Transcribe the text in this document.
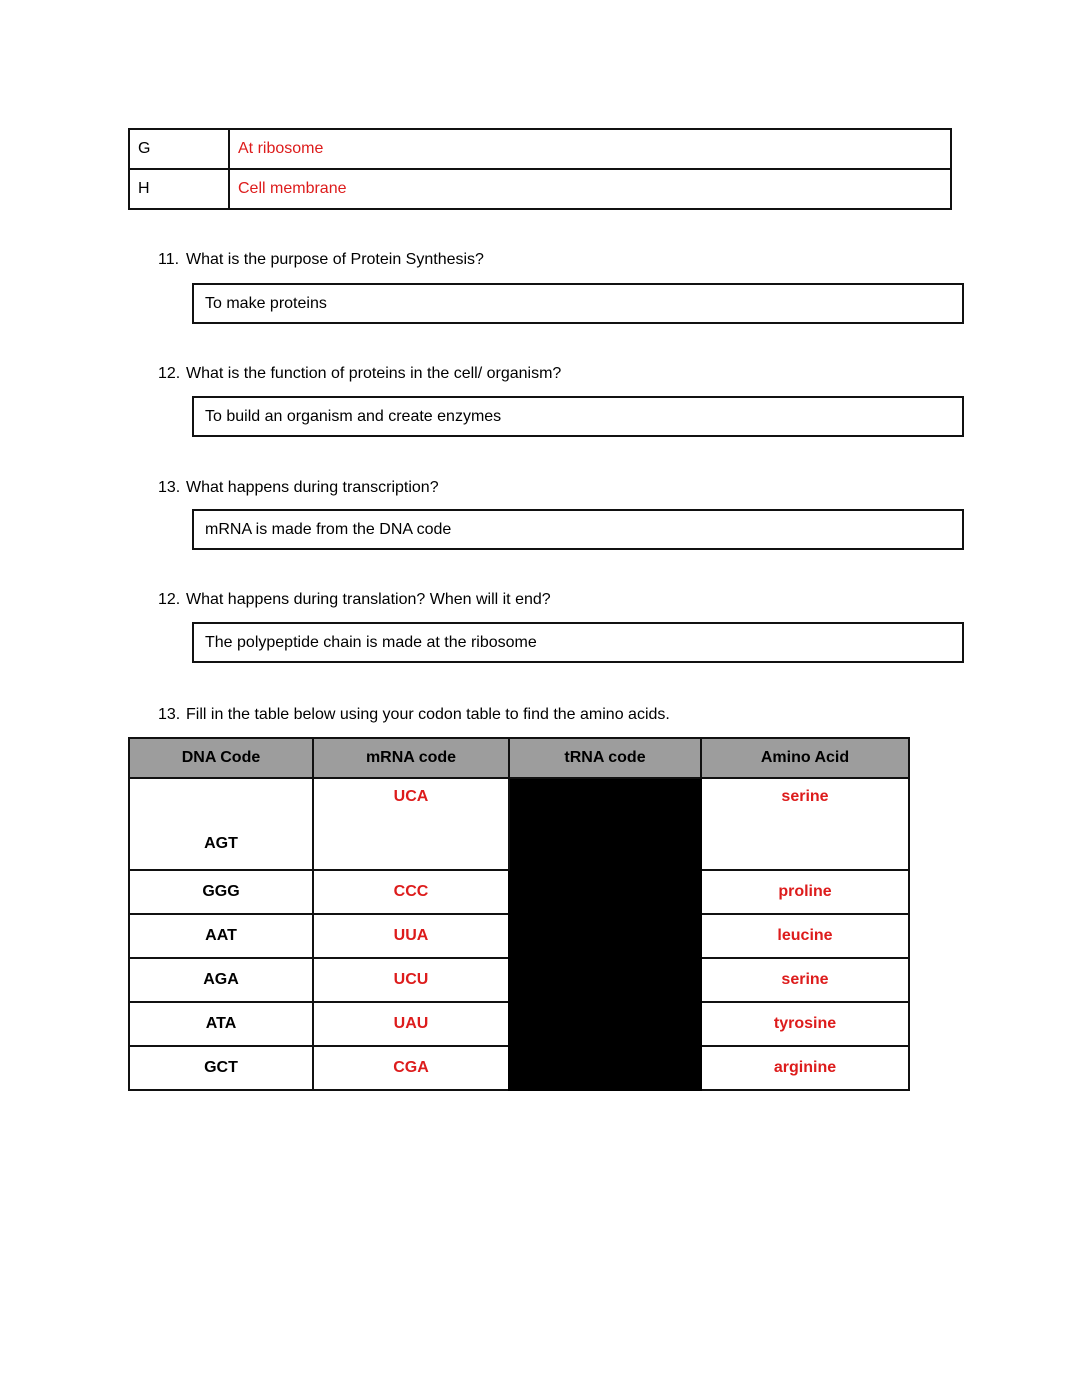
G	At ribosome
H	Cell membrane
11. What is the purpose of Protein Synthesis?
To make proteins
12. What is the function of proteins in the cell/ organism?
To build an organism and create enzymes
13. What happens during transcription?
mRNA is made from the DNA code
12. What happens during translation? When will it end?
The polypeptide chain is made at the ribosome
13. Fill in the table below using your codon table to find the amino acids.
DNA Code	mRNA code	tRNA code	Amino Acid
AGT	UCA		serine
GGG	CCC		proline
AAT	UUA		leucine
AGA	UCU		serine
ATA	UAU		tyrosine
GCT	CGA		arginine
